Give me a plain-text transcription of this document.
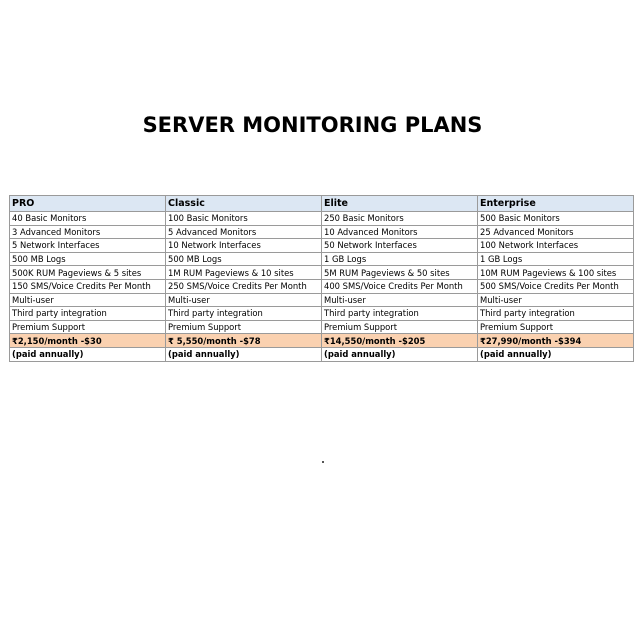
SERVER MONITORING PLANS
PRO	Classic	Elite	Enterprise
40 Basic Monitors	100 Basic Monitors	250 Basic Monitors	500 Basic Monitors
3 Advanced Monitors	5 Advanced Monitors	10 Advanced Monitors	25 Advanced Monitors
5 Network Interfaces	10 Network Interfaces	50 Network Interfaces	100 Network Interfaces
500 MB Logs	500 MB Logs	1 GB Logs	1 GB Logs
500K RUM Pageviews & 5 sites	1M RUM Pageviews & 10 sites	5M RUM Pageviews & 50 sites	10M RUM Pageviews & 100 sites
150 SMS/Voice Credits Per Month	250 SMS/Voice Credits Per Month	400 SMS/Voice Credits Per Month	500 SMS/Voice Credits Per Month
Multi-user	Multi-user	Multi-user	Multi-user
Third party integration	Third party integration	Third party integration	Third party integration
Premium Support	Premium Support	Premium Support	Premium Support
₹2,150/month -$30	₹ 5,550/month -$78	₹14,550/month -$205	₹27,990/month -$394
(paid annually)	(paid annually)	(paid annually)	(paid annually)
